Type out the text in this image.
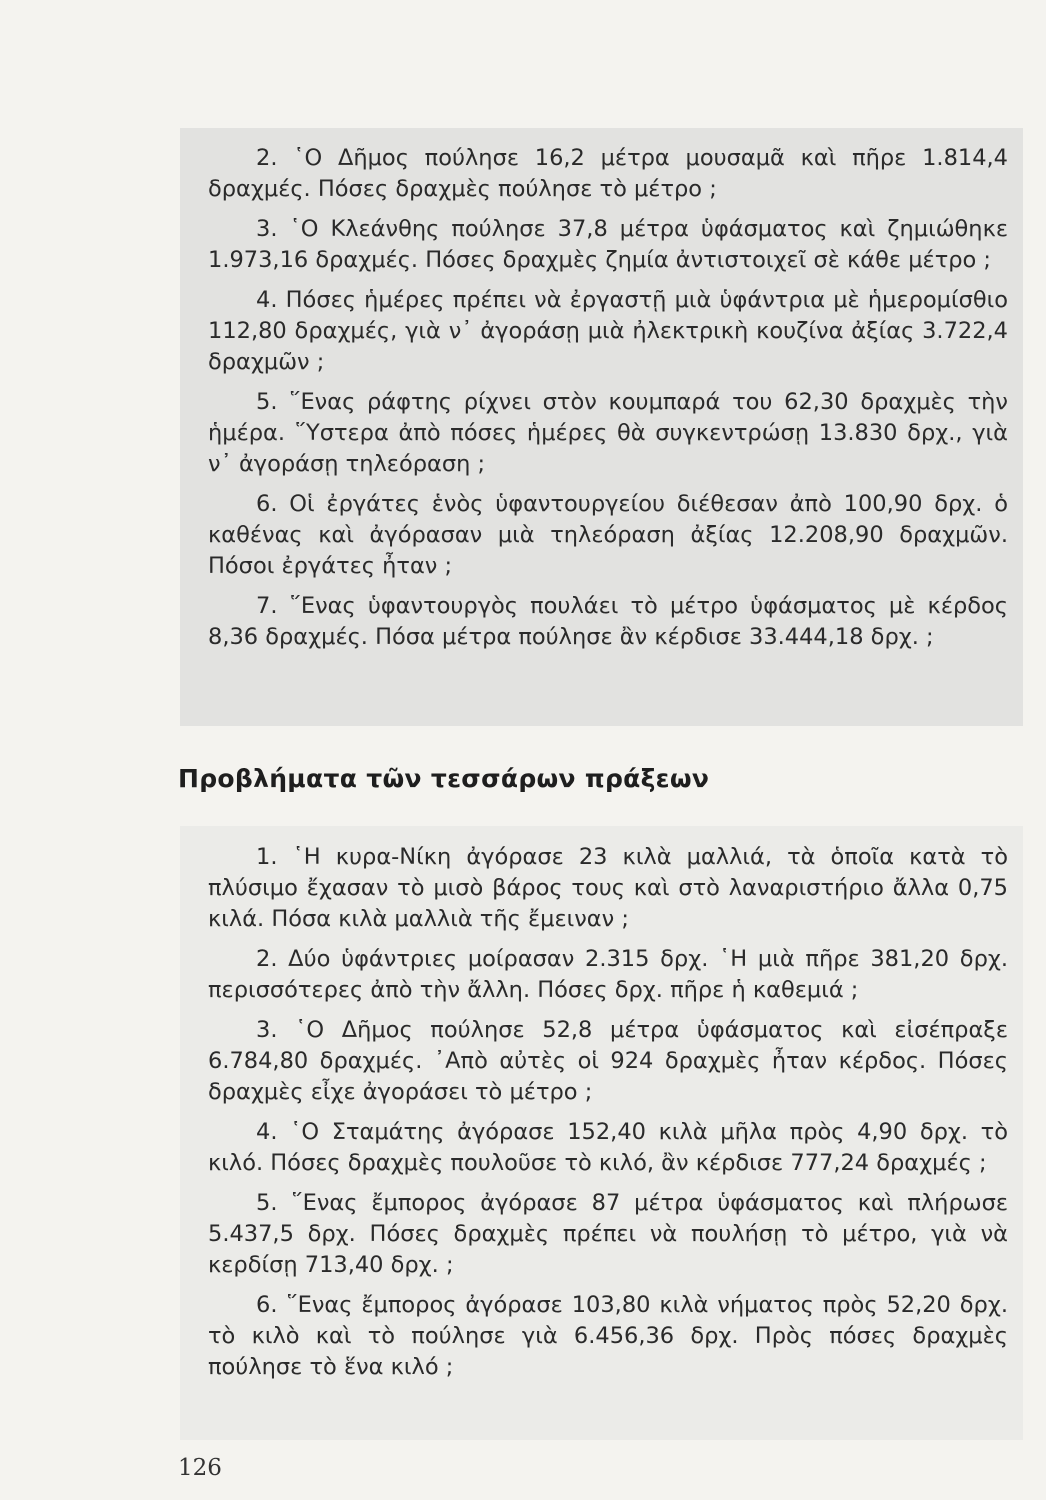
2. ῾Ο Δῆμος πούλησε 16,2 μέτρα μουσαμᾶ καὶ πῆρε 1.814,4 δραχμές. Πόσες δραχμὲς πούλησε τὸ μέτρο ;

3. ῾Ο Κλεάνθης πούλησε 37,8 μέτρα ὑφάσματος καὶ ζημιώθηκε 1.973,16 δραχμές. Πόσες δραχμὲς ζημία ἀντιστοιχεῖ σὲ κάθε μέτρο ;

4. Πόσες ἡμέρες πρέπει νὰ ἐργαστῇ μιὰ ὑφάντρια μὲ ἡμερομίσθιο 112,80 δραχμές, γιὰ ν᾽ ἀγοράσῃ μιὰ ἠλεκτρικὴ κουζίνα ἀξίας 3.722,4 δραχμῶν ;

5. ῞Ενας ράφτης ρίχνει στὸν κουμπαρά του 62,30 δραχμὲς τὴν ἡμέρα. ῞Υστερα ἀπὸ πόσες ἡμέρες θὰ συγκεντρώσῃ 13.830 δρχ., γιὰ ν᾽ ἀγοράσῃ τηλεόραση ;

6. Οἱ ἐργάτες ἑνὸς ὑφαντουργείου διέθεσαν ἀπὸ 100,90 δρχ. ὁ καθένας καὶ ἀγόρασαν μιὰ τηλεόραση ἀξίας 12.208,90 δραχμῶν. Πόσοι ἐργάτες ἦταν ;

7. ῞Ενας ὑφαντουργὸς πουλάει τὸ μέτρο ὑφάσματος μὲ κέρδος 8,36 δραχμές. Πόσα μέτρα πούλησε ἂν κέρδισε 33.444,18 δρχ. ;

Προβλήματα τῶν τεσσάρων πράξεων

1. ῾Η κυρα-Νίκη ἀγόρασε 23 κιλὰ μαλλιά, τὰ ὁποῖα κατὰ τὸ πλύσιμο ἔχασαν τὸ μισὸ βάρος τους καὶ στὸ λαναριστήριο ἄλλα 0,75 κιλά. Πόσα κιλὰ μαλλιὰ τῆς ἔμειναν ;

2. Δύο ὑφάντριες μοίρασαν 2.315 δρχ. ῾Η μιὰ πῆρε 381,20 δρχ. περισσότερες ἀπὸ τὴν ἄλλη. Πόσες δρχ. πῆρε ἡ καθεμιά ;

3. ῾Ο Δῆμος πούλησε 52,8 μέτρα ὑφάσματος καὶ εἰσέπραξε 6.784,80 δραχμές. ᾽Απὸ αὐτὲς οἱ 924 δραχμὲς ἦταν κέρδος. Πόσες δραχμὲς εἶχε ἀγοράσει τὸ μέτρο ;

4. ῾Ο Σταμάτης ἀγόρασε 152,40 κιλὰ μῆλα πρὸς 4,90 δρχ. τὸ κιλό. Πόσες δραχμὲς πουλοῦσε τὸ κιλό, ἂν κέρδισε 777,24 δραχμές ;

5. ῞Ενας ἔμπορος ἀγόρασε 87 μέτρα ὑφάσματος καὶ πλήρωσε 5.437,5 δρχ. Πόσες δραχμὲς πρέπει νὰ πουλήσῃ τὸ μέτρο, γιὰ νὰ κερδίσῃ 713,40 δρχ. ;

6. ῞Ενας ἔμπορος ἀγόρασε 103,80 κιλὰ νήματος πρὸς 52,20 δρχ. τὸ κιλὸ καὶ τὸ πούλησε γιὰ 6.456,36 δρχ. Πρὸς πόσες δραχμὲς πούλησε τὸ ἕνα κιλό ;

126
